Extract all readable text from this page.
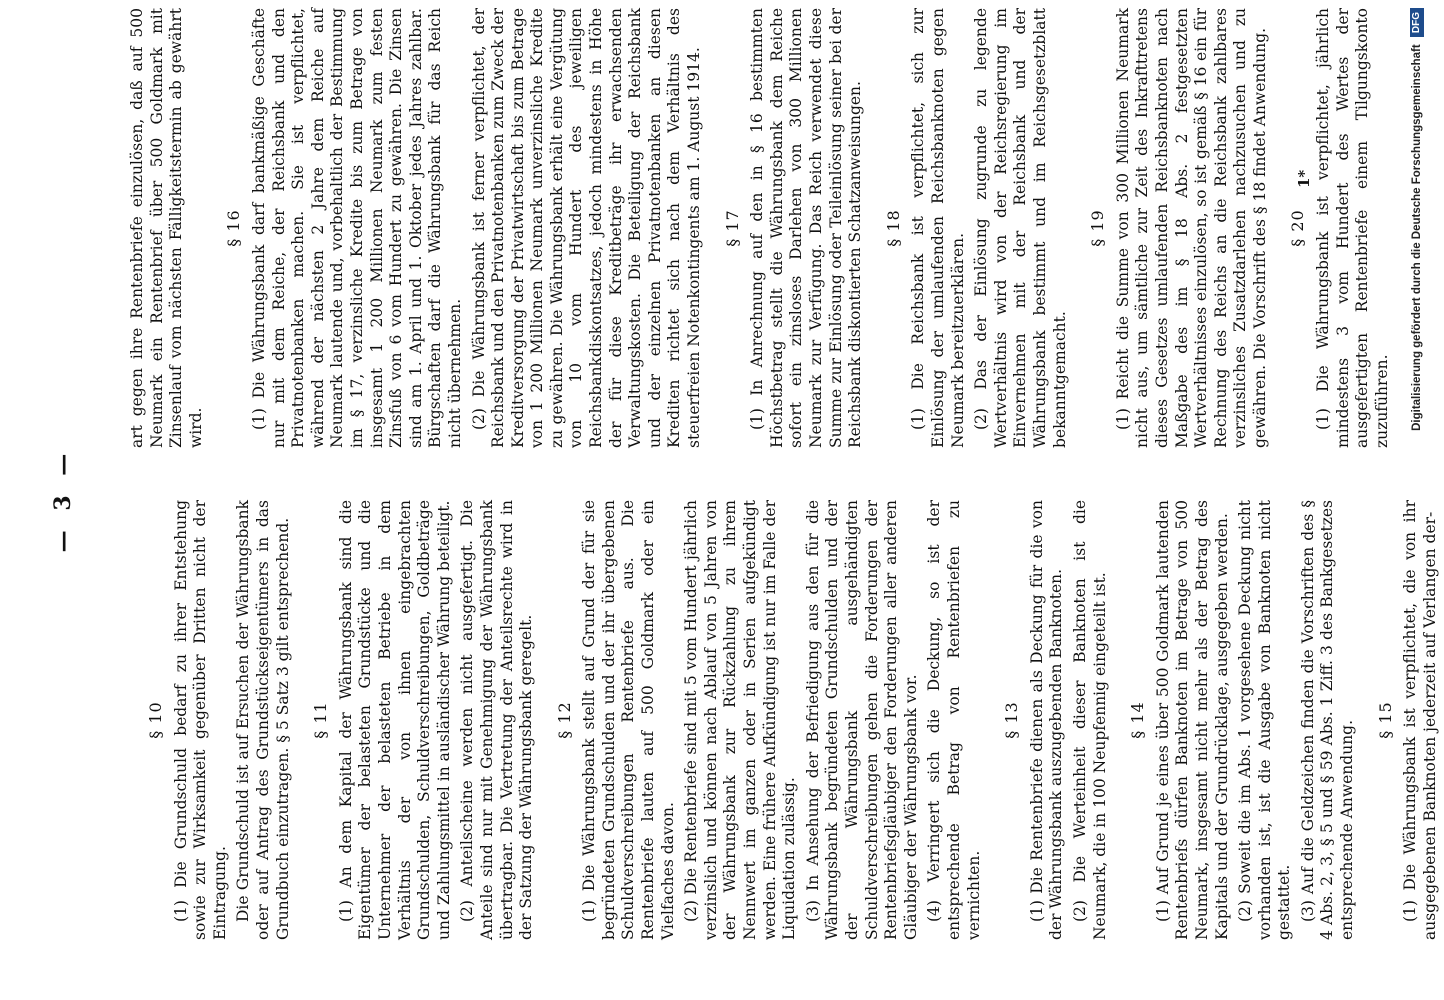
— 3 —
§ 10 (1) Die Grundschuld bedarf zu ihrer Entstehung sowie zur Wirksamkeit gegenüber Dritten nicht der Eintragung. Die Grundschuld ist auf Ersuchen der Währungsbank oder auf Antrag des Grundstückseigentümers in das Grundbuch einzutragen. § 5 Satz 3 gilt entsprechend. § 11 (1) An dem Kapital der Währungsbank sind die Eigentümer der belasteten Grundstücke und die Unternehmer der belasteten Betriebe in dem Verhältnis der von ihnen eingebrachten Grundschulden, Schuldverschreibungen, Goldbeträge und Zahlungsmittel in ausländischer Währung beteiligt. (2) Anteilscheine werden nicht ausgefertigt. Die Anteile sind nur mit Genehmigung der Währungsbank übertragbar. Die Vertretung der Anteilsrechte wird in der Satzung der Währungsbank geregelt. § 12 (1) Die Währungsbank stellt auf Grund der für sie begründeten Grundschulden und der ihr übergebenen Schuldverschreibungen Rentenbriefe aus. Die Rentenbriefe lauten auf 500 Goldmark oder ein Vielfaches davon. (2) Die Rentenbriefe sind mit 5 vom Hundert jährlich verzinslich und können nach Ablauf von 5 Jahren von der Währungsbank zur Rückzahlung zu ihrem Nennwert im ganzen oder in Serien aufgekündigt werden. Eine frühere Aufkündigung ist nur im Falle der Liquidation zulässig. (3) In Ansehung der Befriedigung aus den für die Währungsbank begründeten Grundschulden und der der Währungsbank ausgehändigten Schuldverschreibungen gehen die Forderungen der Rentenbriefsgläubiger den Forderungen aller anderen Gläubiger der Währungsbank vor. (4) Verringert sich die Deckung, so ist der entsprechende Betrag von Rentenbriefen zu vernichten.

§ 13 (1) Die Rentenbriefe dienen als Deckung für die von der Währungsbank auszugebenden Banknoten. (2) Die Werteinheit dieser Banknoten ist die Neumark, die in 100 Neupfennig eingeteilt ist. § 14 (1) Auf Grund je eines über 500 Goldmark lautenden Rentenbriefs dürfen Banknoten im Betrage von 500 Neumark, insgesamt nicht mehr als der Betrag des Kapitals und der Grundrücklage, ausgegeben werden. (2) Soweit die im Abs. 1 vorgesehene Deckung nicht vorhanden ist, ist die Ausgabe von Banknoten nicht gestattet. (3) Auf die Geldzeichen finden die Vorschriften des § 4 Abs. 2, 3, § 5 und § 59 Abs. 1 Ziff. 3 des Bankgesetzes entsprechende Anwendung. § 15 (1) Die Währungsbank ist verpflichtet, die von ihr ausgegebenen Banknoten jederzeit auf Verlangen der-

art gegen ihre Rentenbriefe einzulösen, daß auf 500 Neumark ein Rentenbrief über 500 Goldmark mit Zinsenlauf vom nächsten Fälligkeitstermin ab gewährt wird.

§ 16 (1) Die Währungsbank darf bankmäßige Geschäfte nur mit dem Reiche, der Reichsbank und den Privatnotenbanken machen. Sie ist verpflichtet, während der nächsten 2 Jahre dem Reiche auf Neumark lautende und, vorbehaltlich der Bestimmung im § 17, verzinsliche Kredite bis zum Betrage von insgesamt 1 200 Millionen Neumark zum festen Zinsfuß von 6 vom Hundert zu gewähren. Die Zinsen sind am 1. April und 1. Oktober jedes Jahres zahlbar. Bürgschaften darf die Währungsbank für das Reich nicht übernehmen. (2) Die Währungsbank ist ferner verpflichtet, der Reichsbank und den Privatnotenbanken zum Zweck der Kreditversorgung der Privatwirtschaft bis zum Betrage von 1 200 Millionen Neumark unverzinsliche Kredite zu gewähren. Die Währungsbank erhält eine Vergütung von 10 vom Hundert des jeweiligen Reichsbankdiskontsatzes, jedoch mindestens in Höhe der für diese Kreditbeträge ihr erwachsenden Verwaltungskosten. Die Beteiligung der Reichsbank und der einzelnen Privatnotenbanken an diesen Krediten richtet sich nach dem Verhältnis des steuerfreien Notenkontingents am 1. August 1914. § 17 (1) In Anrechnung auf den in § 16 bestimmten Höchstbetrag stellt die Währungsbank dem Reiche sofort ein zinsloses Darlehen von 300 Millionen Neumark zur Verfügung. Das Reich verwendet diese Summe zur Einlösung oder Teileinlösung seiner bei der Reichsbank diskontierten Schatzanweisungen. § 18 (1) Die Reichsbank ist verpflichtet, sich zur Einlösung der umlaufenden Reichsbanknoten gegen Neumark bereitzuerklären. (2) Das der Einlösung zugrunde zu legende Wertverhältnis wird von der Reichsregierung im Einvernehmen mit der Reichsbank und der Währungsbank bestimmt und im Reichsgesetzblatt bekanntgemacht.

§ 19 (1) Reicht die Summe von 300 Millionen Neumark nicht aus, um sämtliche zur Zeit des Inkrafttretens dieses Gesetzes umlaufenden Reichsbanknoten nach Maßgabe des im § 18 Abs. 2 festgesetzten Wertverhältnisses einzulösen, so ist gemäß § 16 ein für Rechnung des Reichs an die Reichsbank zahlbares verzinsliches Zusatzdarlehen nachzusuchen und zu gewähren. Die Vorschrift des § 18 findet Anwendung. § 20 (1) Die Währungsbank ist verpflichtet, jährlich mindestens 3 vom Hundert des Wertes der ausgefertigten Rentenbriefe einem Tilgungskonto zuzuführen.

1*	Digitalisierung gefördert durch die Deutsche Forschungsgemeinschaft DFG
